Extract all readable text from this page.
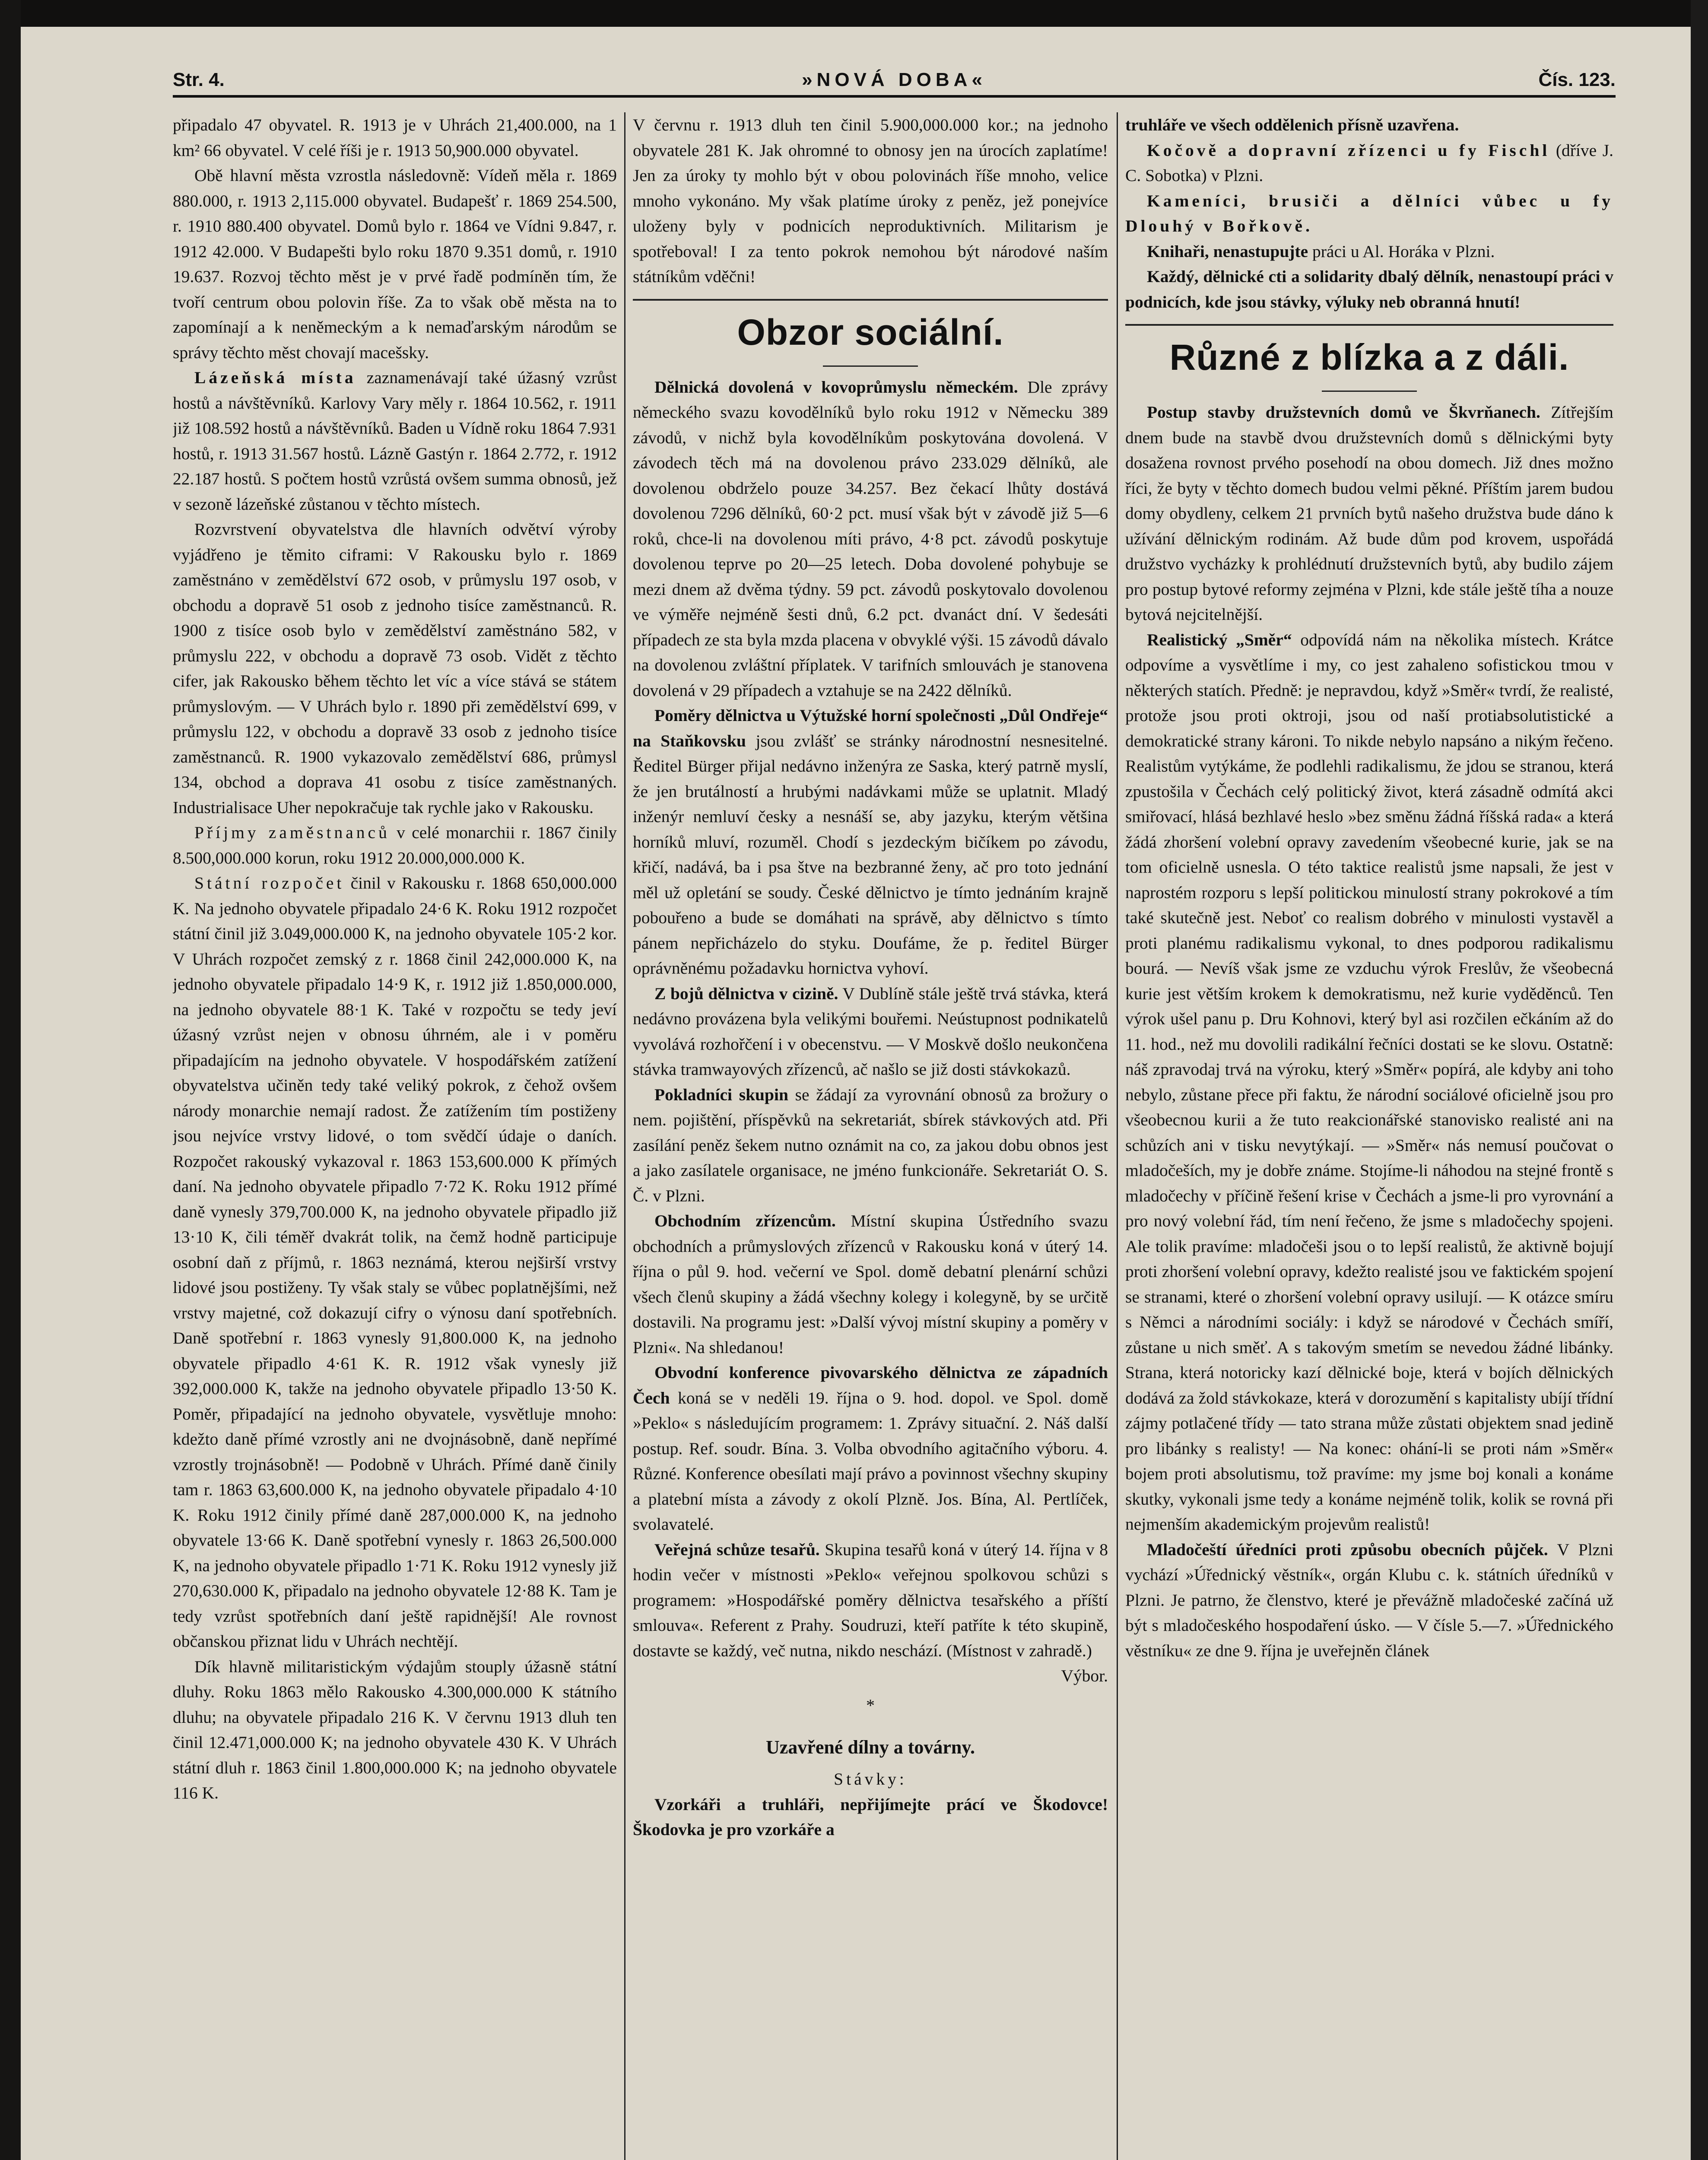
Str. 4.	»NOVÁ DOBA«	Čís. 123.

připadalo 47 obyvatel. R. 1913 je v Uhrách 21,400.000, na 1 km² 66 obyvatel. V celé říši je r. 1913 50,900.000 obyvatel.

Obě hlavní města vzrostla následovně: Vídeň měla r. 1869 880.000, r. 1913 2,115.000 obyvatel. Budapešť r. 1869 254.500, r. 1910 880.400 obyvatel. Domů bylo r. 1864 ve Vídni 9.847, r. 1912 42.000. V Budapešti bylo roku 1870 9.351 domů, r. 1910 19.637. Rozvoj těchto měst je v prvé řadě podmíněn tím, že tvoří centrum obou polovin říše. Za to však obě města na to zapomínají a k neněmeckým a k nemaďarským národům se správy těchto měst chovají macešsky.

Lázeňská místa zaznamenávají také úžasný vzrůst hostů a návštěvníků. Karlovy Vary měly r. 1864 10.562, r. 1911 již 108.592 hostů a návštěvníků. Baden u Vídně roku 1864 7.931 hostů, r. 1913 31.567 hostů. Lázně Gastýn r. 1864 2.772, r. 1912 22.187 hostů. S počtem hostů vzrůstá ovšem summa obnosů, jež v sezoně lázeňské zůstanou v těchto místech.

Rozvrstvení obyvatelstva dle hlavních odvětví výroby vyjádřeno je těmito ciframi: V Rakousku bylo r. 1869 zaměstnáno v zemědělství 672 osob, v průmyslu 197 osob, v obchodu a dopravě 51 osob z jednoho tisíce zaměstnanců. R. 1900 z tisíce osob bylo v zemědělství zaměstnáno 582, v průmyslu 222, v obchodu a dopravě 73 osob. Vidět z těchto cifer, jak Rakousko během těchto let víc a více stává se státem průmyslovým. — V Uhrách bylo r. 1890 při zemědělství 699, v průmyslu 122, v obchodu a dopravě 33 osob z jednoho tisíce zaměstnanců. R. 1900 vykazovalo zemědělství 686, průmysl 134, obchod a doprava 41 osobu z tisíce zaměstnaných. Industrialisace Uher nepokračuje tak rychle jako v Rakousku.

Příjmy zaměstnanců v celé monarchii r. 1867 činily 8.500,000.000 korun, roku 1912 20.000,000.000 K.

Státní rozpočet činil v Rakousku r. 1868 650,000.000 K. Na jednoho obyvatele připadalo 24·6 K. Roku 1912 rozpočet státní činil již 3.049,000.000 K, na jednoho obyvatele 105·2 kor. V Uhrách rozpočet zemský z r. 1868 činil 242,000.000 K, na jednoho obyvatele připadalo 14·9 K, r. 1912 již 1.850,000.000, na jednoho obyvatele 88·1 K. Také v rozpočtu se tedy jeví úžasný vzrůst nejen v obnosu úhrném, ale i v poměru připadajícím na jednoho obyvatele. V hospodářském zatížení obyvatelstva učiněn tedy také veliký pokrok, z čehož ovšem národy monarchie nemají radost. Že zatížením tím postiženy jsou nejvíce vrstvy lidové, o tom svědčí údaje o daních. Rozpočet rakouský vykazoval r. 1863 153,600.000 K přímých daní. Na jednoho obyvatele připadlo 7·72 K. Roku 1912 přímé daně vynesly 379,700.000 K, na jednoho obyvatele připadlo již 13·10 K, čili téměř dvakrát tolik, na čemž hodně participuje osobní daň z příjmů, r. 1863 neznámá, kterou nejširší vrstvy lidové jsou postiženy. Ty však staly se vůbec poplatnějšími, než vrstvy majetné, což dokazují cifry o výnosu daní spotřebních. Daně spotřební r. 1863 vynesly 91,800.000 K, na jednoho obyvatele připadlo 4·61 K. R. 1912 však vynesly již 392,000.000 K, takže na jednoho obyvatele připadlo 13·50 K. Poměr, připadající na jednoho obyvatele, vysvětluje mnoho: kdežto daně přímé vzrostly ani ne dvojnásobně, daně nepřímé vzrostly trojnásobně! — Podobně v Uhrách. Přímé daně činily tam r. 1863 63,600.000 K, na jednoho obyvatele připadalo 4·10 K. Roku 1912 činily přímé daně 287,000.000 K, na jednoho obyvatele 13·66 K. Daně spotřební vynesly r. 1863 26,500.000 K, na jednoho obyvatele připadlo 1·71 K. Roku 1912 vynesly již 270,630.000 K, připadalo na jednoho obyvatele 12·88 K. Tam je tedy vzrůst spotřebních daní ještě rapidnější! Ale rovnost občanskou přiznat lidu v Uhrách nechtějí.

Dík hlavně militaristickým výdajům stouply úžasně státní dluhy. Roku 1863 mělo Rakousko 4.300,000.000 K státního dluhu; na obyvatele připadalo 216 K. V červnu 1913 dluh ten činil 12.471,000.000 K; na jednoho obyvatele 430 K. V Uhrách státní dluh r. 1863 činil 1.800,000.000 K; na jednoho obyvatele 116 K.

V červnu r. 1913 dluh ten činil 5.900,000.000 kor.; na jednoho obyvatele 281 K. Jak ohromné to obnosy jen na úrocích zaplatíme! Jen za úroky ty mohlo být v obou polovinách říše mnoho, velice mnoho vykonáno. My však platíme úroky z peněz, jež ponejvíce uloženy byly v podnicích neproduktivních. Militarism je spotřeboval! I za tento pokrok nemohou být národové naším státníkům vděčni!

Obzor sociální.

Dělnická dovolená v kovoprůmyslu německém. Dle zprávy německého svazu kovodělníků bylo roku 1912 v Německu 389 závodů, v nichž byla kovodělníkům poskytována dovolená. V závodech těch má na dovolenou právo 233.029 dělníků, ale dovolenou obdrželo pouze 34.257. Bez čekací lhůty dostává dovolenou 7296 dělníků, 60·2 pct. musí však být v závodě již 5—6 roků, chce-li na dovolenou míti právo, 4·8 pct. závodů poskytuje dovolenou teprve po 20—25 letech. Doba dovolené pohybuje se mezi dnem až dvěma týdny. 59 pct. závodů poskytovalo dovolenou ve výměře nejméně šesti dnů, 6.2 pct. dvanáct dní. V šedesáti případech ze sta byla mzda placena v obvyklé výši. 15 závodů dávalo na dovolenou zvláštní příplatek. V tarifních smlouvách je stanovena dovolená v 29 případech a vztahuje se na 2422 dělníků.

Poměry dělnictva u Výtužské horní společnosti „Důl Ondřeje“ na Staňkovsku jsou zvlášť se stránky národnostní nesnesitelné. Ředitel Bürger přijal nedávno inženýra ze Saska, který patrně myslí, že jen brutálností a hrubými nadávkami může se uplatnit. Mladý inženýr nemluví česky a nesnáší se, aby jazyku, kterým většina horníků mluví, rozuměl. Chodí s jezdeckým bičíkem po závodu, křičí, nadává, ba i psa štve na bezbranné ženy, ač pro toto jednání měl už opletání se soudy. České dělnictvo je tímto jednáním krajně pobouřeno a bude se domáhati na správě, aby dělnictvo s tímto pánem nepřicházelo do styku. Doufáme, že p. ředitel Bürger oprávněnému požadavku hornictva vyhoví.

Z bojů dělnictva v cizině. V Dublíně stále ještě trvá stávka, která nedávno provázena byla velikými bouřemi. Neústupnost podnikatelů vyvolává rozhořčení i v obecenstvu. — V Moskvě došlo neukončena stávka tramwayových zřízenců, ač našlo se již dosti stávkokazů.

Pokladníci skupin se žádají za vyrovnání obnosů za brožury o nem. pojištění, příspěvků na sekretariát, sbírek stávkových atd. Při zasílání peněz šekem nutno oznámit na co, za jakou dobu obnos jest a jako zasílatele organisace, ne jméno funkcionáře. Sekretariát O. S. Č. v Plzni.

Obchodním zřízencům. Místní skupina Ústředního svazu obchodních a průmyslových zřízenců v Rakousku koná v úterý 14. října o půl 9. hod. večerní ve Spol. domě debatní plenární schůzi všech členů skupiny a žádá všechny kolegy i kolegyně, by se určitě dostavili. Na programu jest: »Další vývoj místní skupiny a poměry v Plzni«. Na shledanou!

Obvodní konference pivovarského dělnictva ze západních Čech koná se v neděli 19. října o 9. hod. dopol. ve Spol. domě »Peklo« s následujícím programem: 1. Zprávy situační. 2. Náš další postup. Ref. soudr. Bína. 3. Volba obvodního agitačního výboru. 4. Různé. Konference obesílati mají právo a povinnost všechny skupiny a platební místa a závody z okolí Plzně. Jos. Bína, Al. Pertlíček, svolavatelé.

Veřejná schůze tesařů. Skupina tesařů koná v úterý 14. října v 8 hodin večer v místnosti »Peklo« veřejnou spolkovou schůzi s programem: »Hospodářské poměry dělnictva tesařského a příští smlouva«. Referent z Prahy. Soudruzi, kteří patříte k této skupině, dostavte se každý, več nutna, nikdo neschází. (Místnost v zahradě.)

Výbor.

*
Uzavřené dílny a továrny.

Stávky:

Vzorkáři a truhláři, nepřijímejte prácí ve Škodovce! Škodovka je pro vzorkáře a

truhláře ve všech oddělenich přísně uzavřena.

Kočově a dopravní zřízenci u fy Fischl (dříve J. C. Sobotka) v Plzni.

Kameníci, brusiči a dělníci vůbec u fy Dlouhý v Bořkově.

Knihaři, nenastupujte práci u Al. Horáka v Plzni.

Každý, dělnické cti a solidarity dbalý dělník, nenastoupí práci v podnicích, kde jsou stávky, výluky neb obranná hnutí!

Různé z blízka a z dáli.

Postup stavby družstevních domů ve Škvrňanech. Zítřejším dnem bude na stavbě dvou družstevních domů s dělnickými byty dosažena rovnost prvého posehodí na obou domech. Již dnes možno říci, že byty v těchto domech budou velmi pěkné. Příštím jarem budou domy obydleny, celkem 21 prvních bytů našeho družstva bude dáno k užívání dělnickým rodinám. Až bude dům pod krovem, uspořádá družstvo vycházky k prohlédnutí družstevních bytů, aby budilo zájem pro postup bytové reformy zejména v Plzni, kde stále ještě tíha a nouze bytová nejcitelnější.

Realistický „Směr“ odpovídá nám na několika místech. Krátce odpovíme a vysvětlíme i my, co jest zahaleno sofistickou tmou v některých statích. Předně: je nepravdou, když »Směr« tvrdí, že realisté, protože jsou proti oktroji, jsou od naší protiabsolutistické a demokratické strany károni. To nikde nebylo napsáno a nikým řečeno. Realistům vytýkáme, že podlehli radikalismu, že jdou se stranou, která zpustošila v Čechách celý politický život, která zásadně odmítá akci smiřovací, hlásá bezhlavé heslo »bez směnu žádná říšská rada« a která žádá zhoršení volební opravy zavedením všeobecné kurie, jak se na tom oficielně usnesla. O této taktice realistů jsme napsali, že jest v naprostém rozporu s lepší politickou minulostí strany pokrokové a tím také skutečně jest. Neboť co realism dobrého v minulosti vystavěl a proti planému radikalismu vykonal, to dnes podporou radikalismu bourá. — Nevíš však jsme ze vzduchu výrok Freslův, že všeobecná kurie jest větším krokem k demokratismu, než kurie vyděděnců. Ten výrok ušel panu p. Dru Kohnovi, který byl asi rozčilen ečkáním až do 11. hod., než mu dovolili radikální řečníci dostati se ke slovu. Ostatně: náš zpravodaj trvá na výroku, který »Směr« popírá, ale kdyby ani toho nebylo, zůstane přece při faktu, že národní sociálové oficielně jsou pro všeobecnou kurii a že tuto reakcionářské stanovisko realisté ani na schůzích ani v tisku nevytýkají. — »Směr« nás nemusí poučovat o mladočeších, my je dobře známe. Stojíme-li náhodou na stejné frontě s mladočechy v příčině řešení krise v Čechách a jsme-li pro vyrovnání a pro nový volební řád, tím není řečeno, že jsme s mladočechy spojeni. Ale tolik pravíme: mladočeši jsou o to lepší realistů, že aktivně bojují proti zhoršení volební opravy, kdežto realisté jsou ve faktickém spojení se stranami, které o zhoršení volební opravy usilují. — K otázce smíru s Němci a národními sociály: i když se národové v Čechách smíří, zůstane u nich směť. A s takovým smetím se nevedou žádné libánky. Strana, která notoricky kazí dělnické boje, která v bojích dělnických dodává za žold stávkokaze, která v dorozumění s kapitalisty ubíjí třídní zájmy potlačené třídy — tato strana může zůstati objektem snad jedině pro libánky s realisty! — Na konec: ohání-li se proti nám »Směr« bojem proti absolutismu, tož pravíme: my jsme boj konali a konáme skutky, vykonali jsme tedy a konáme nejméně tolik, kolik se rovná při nejmenším akademickým projevům realistů!

Mladočeští úředníci proti způsobu obecních půjček. V Plzni vychází »Úřednický věstník«, orgán Klubu c. k. státních úředníků v Plzni. Je patrno, že členstvo, které je převážně mladočeské začíná už být s mladočeského hospodaření úsko. — V čísle 5.—7. »Úřednického věstníku« ze dne 9. října je uveřejněn článek
